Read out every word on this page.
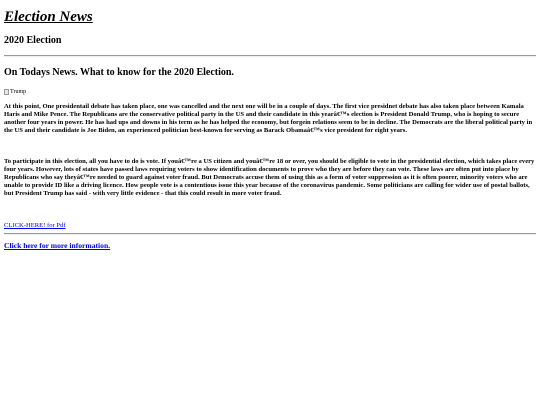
Election News
2020 Election
On Todays News. What to know for the 2020 Election.
Trump

At this point, One presidentail debate has taken place, one was cancelled and the next one will be in a couple of days. The first vice presidnet debate has also taken place between Kamala Haris and Mike Pence. The Republicans are the conservative political party in the US and their candidate in this yearâ€™s election is President Donald Trump, who is hoping to secure another four years in power. He has had ups and downs in his term as he has helped the economy, but forgein relations seem to be in decline. The Democrats are the liberal political party in the US and their candidate is Joe Biden, an experienced politician best-known for serving as Barack Obamaâ€™s vice president for eight years.

To participate in this election, all you have to do is vote. If youâ€™re a US citizen and youâ€™re 18 or over, you should be eligible to vote in the presidential election, which takes place every four years. However, lots of states have passed laws requiring voters to show identification documents to prove who they are before they can vote. These laws are often put into place by Republicans who say theyâ€™re needed to guard against voter fraud. But Democrats accuse them of using this as a form of voter suppression as it is often poorer, minority voters who are unable to provide ID like a driving licence. How people vote is a contentious issue this year because of the coronavirus pandemic. Some politicians are calling for wider use of postal ballots, but President Trump has said - with very little evidence - that this could result in more voter fraud.

CLICK-HERE! for Pdf
Click here for more information.
